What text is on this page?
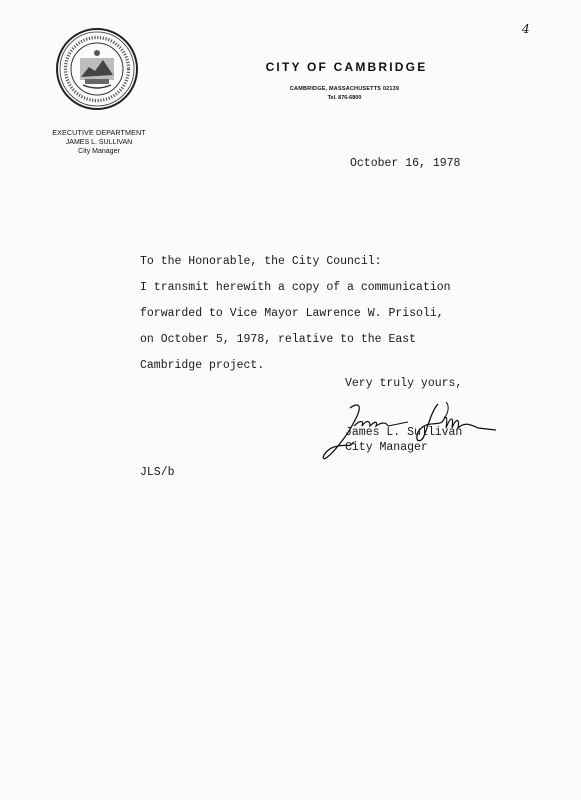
4
CITY OF CAMBRIDGE
CAMBRIDGE, MASSACHUSETTS 02139
Tel. 876-6800
EXECUTIVE DEPARTMENT
JAMES L. SULLIVAN
City Manager
October 16, 1978
To the Honorable, the City Council:
I transmit herewith a copy of a communication
forwarded to Vice Mayor Lawrence W. Prisoli,
on October 5, 1978, relative to the East
Cambridge project.
Very truly yours,
James L. Sullivan
City Manager
JLS/b
